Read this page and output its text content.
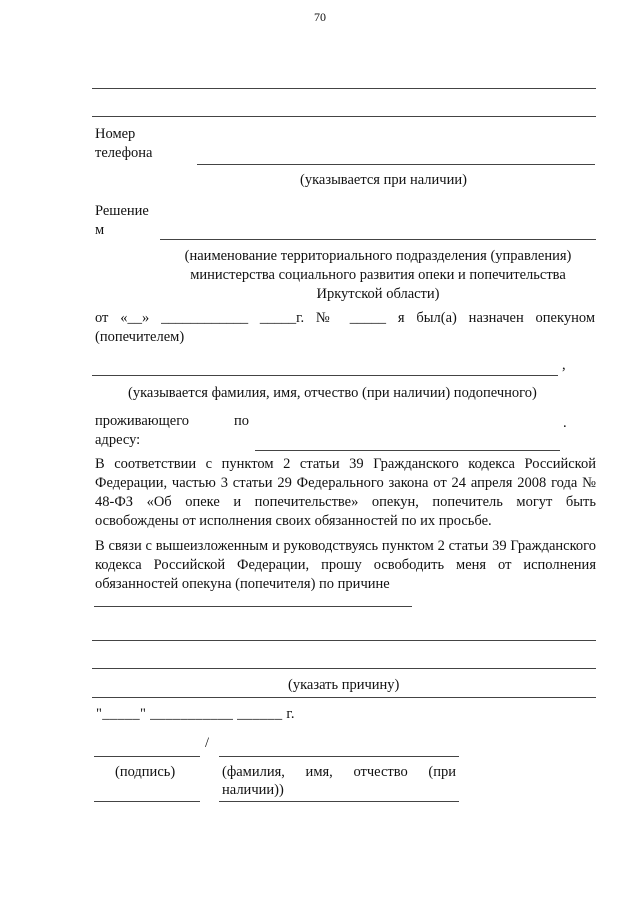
70
Номер
телефона
(указывается при наличии)
Решение
м
(наименование территориального подразделения (управления)
министерства социального развития опеки и попечительства
Иркутской области)
от «__» ____________ _____г. № _____ я был(а) назначен опекуном
(попечителем)
,
(указывается фамилия, имя, отчество (при наличии) подопечного)
проживающего	по
адресу:
.
В соответствии с пунктом 2 статьи 39 Гражданского кодекса Российской Федерации, частью 3 статьи 29 Федерального закона от 24 апреля 2008 года № 48-ФЗ «Об опеке и попечительстве» опекун, попечитель могут быть освобождены от исполнения своих обязанностей по их просьбе.
В связи с вышеизложенным и руководствуясь пунктом 2 статьи 39 Гражданского кодекса Российской Федерации, прошу освободить меня от исполнения обязанностей опекуна (попечителя) по причине
(указать причину)
"_____" ___________ ______ г.
/
(подпись)	(фамилия, имя, отчество (при
наличии))
